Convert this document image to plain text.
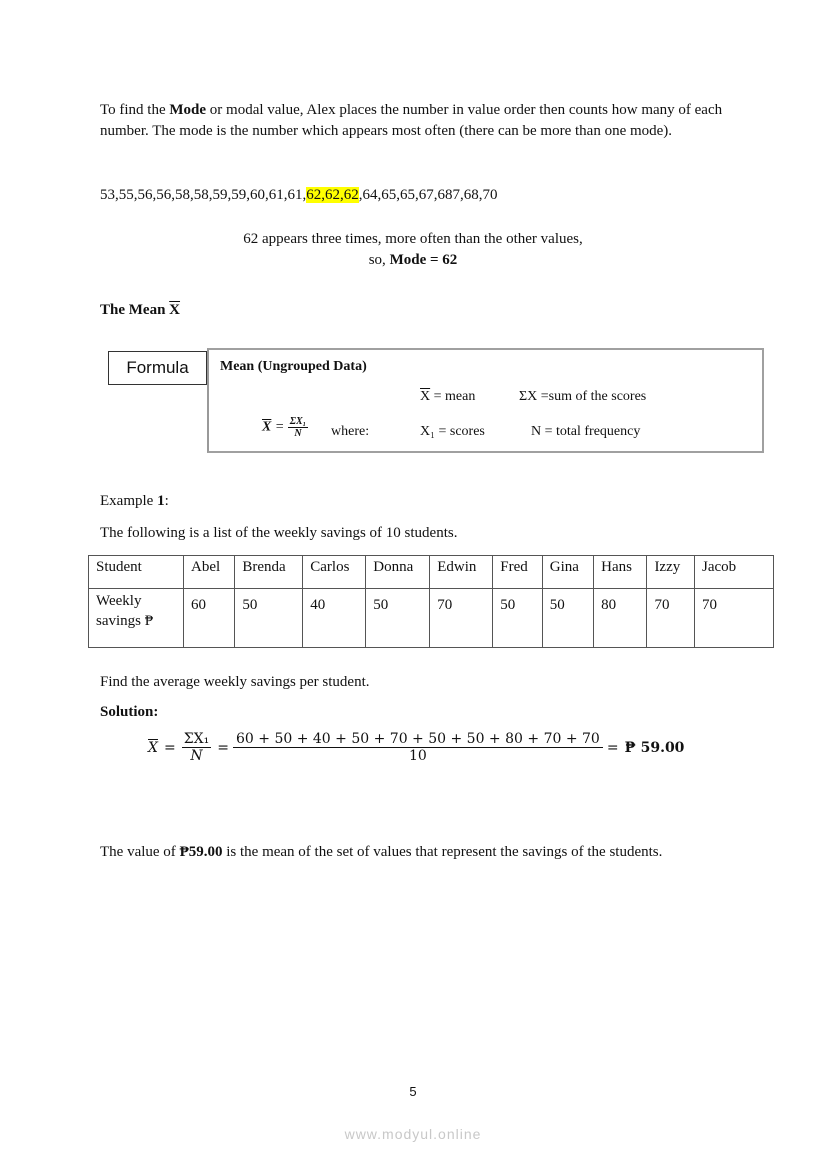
To find the Mode or modal value, Alex places the number in value order then counts how many of each number. The mode is the number which appears most often (there can be more than one mode).
53,55,56,56,58,58,59,59,60,61,61,62,62,62,64,65,65,67,687,68,70
62 appears three times, more often than the other values,
so, Mode = 62
The Mean $\overline{X}$
Formula	Mean (Ungrouped Data)
$\overline{X}$ = mean	ΣX =sum of the scores
$\overline{X} = \frac{\text{ΣX₁}}{N}$ where:	X₁ = scores	N = total frequency
Example 1:
The following is a list of the weekly savings of 10 students.
Student	Abel	Brenda	Carlos	Donna	Edwin	Fred	Gina	Hans	Izzy	Jacob
Weekly savings ₱	60	50	40	50	70	50	50	80	70	70
Find the average weekly savings per student.
Solution:
$\overline{X} = \frac{\text{ΣX₁}}{N} = \frac{60 + 50 + 40 + 50 + 70 + 50 + 50 + 80 + 70 + 70}{10}$ = ₱ 59.00
The value of ₱59.00 is the mean of the set of values that represent the savings of the students.
5
www.modyul.online
